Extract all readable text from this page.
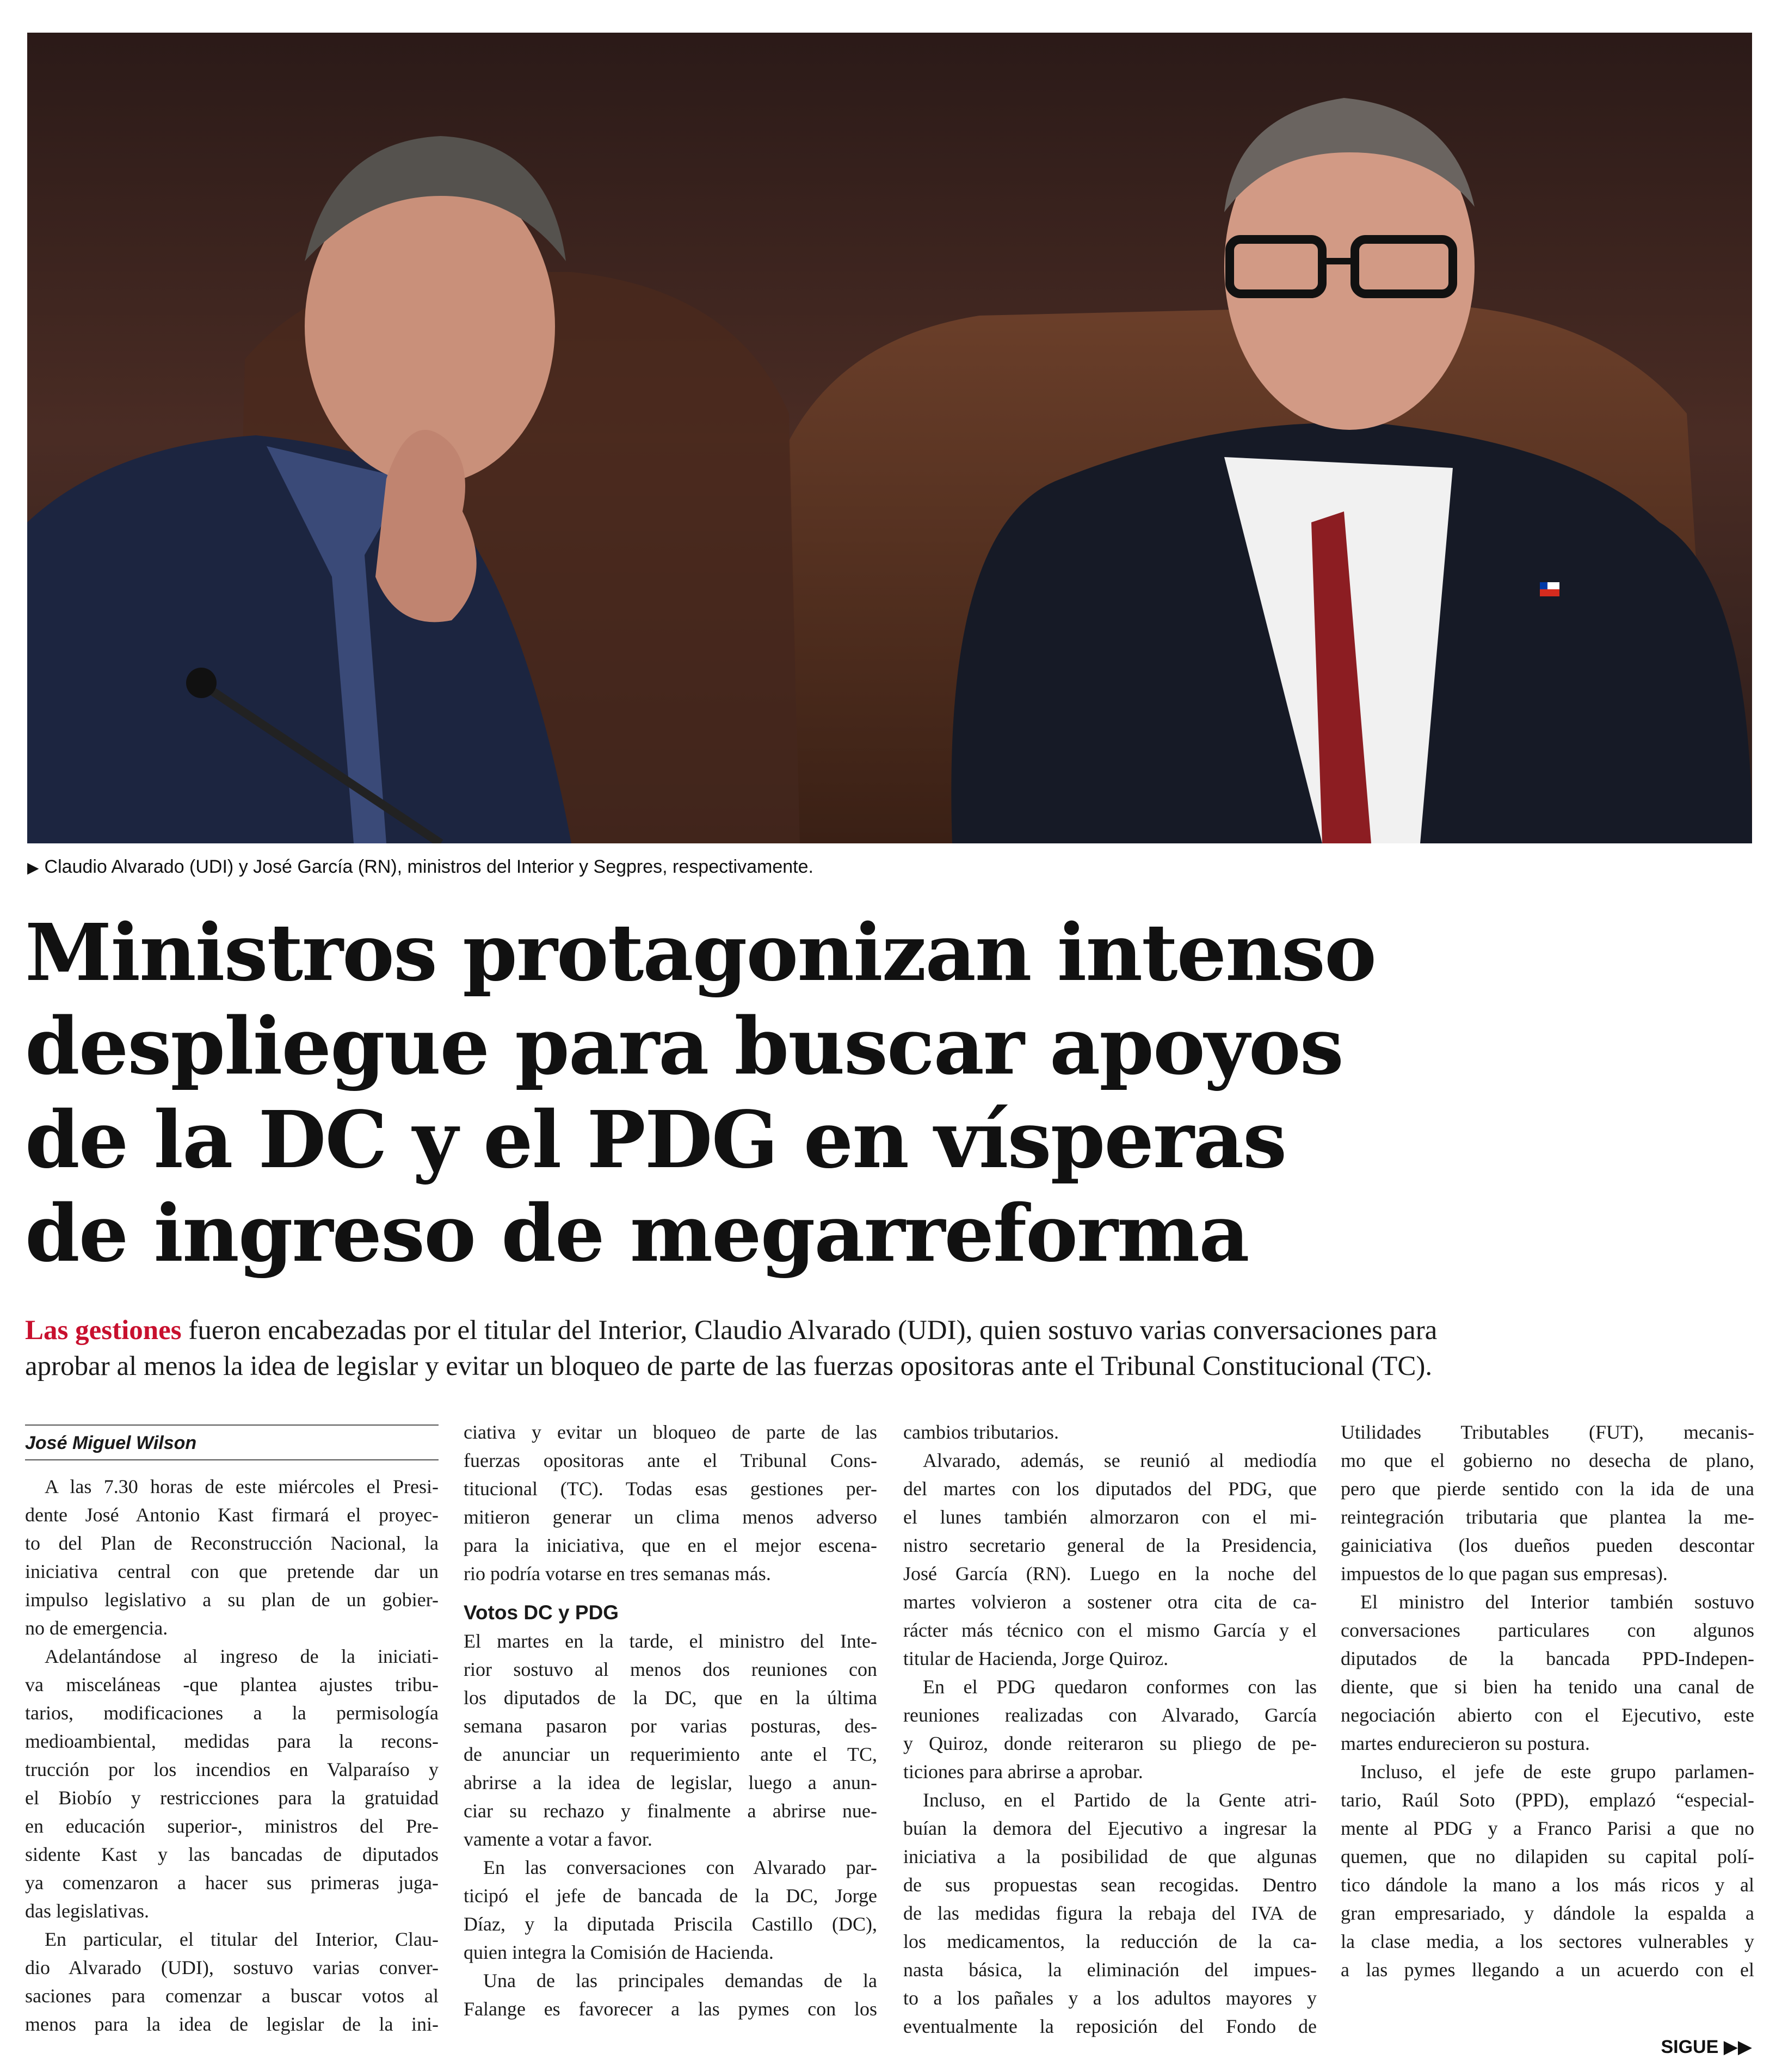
▶ Claudio Alvarado (UDI) y José García (RN), ministros del Interior y Segpres, respectivamente.
Ministros protagonizan intenso
despliegue para buscar apoyos
de la DC y el PDG en vísperas
de ingreso de megarreforma
Las gestiones fueron encabezadas por el titular del Interior, Claudio Alvarado (UDI), quien sostuvo varias conversaciones para
aprobar al menos la idea de legislar y evitar un bloqueo de parte de las fuerzas opositoras ante el Tribunal Constitucional (TC).
José Miguel Wilson
A las 7.30 horas de este miércoles el Presi-
dente José Antonio Kast firmará el proyec-
to del Plan de Reconstrucción Nacional, la
iniciativa central con que pretende dar un
impulso legislativo a su plan de un gobier-
no de emergencia.
Adelantándose al ingreso de la iniciati-
va misceláneas -que plantea ajustes tribu-
tarios, modificaciones a la permisología
medioambiental, medidas para la recons-
trucción por los incendios en Valparaíso y
el Biobío y restricciones para la gratuidad
en educación superior-, ministros del Pre-
sidente Kast y las bancadas de diputados
ya comenzaron a hacer sus primeras juga-
das legislativas.
En particular, el titular del Interior, Clau-
dio Alvarado (UDI), sostuvo varias conver-
saciones para comenzar a buscar votos al
menos para la idea de legislar de la ini-
ciativa y evitar un bloqueo de parte de las
fuerzas opositoras ante el Tribunal Cons-
titucional (TC). Todas esas gestiones per-
mitieron generar un clima menos adverso
para la iniciativa, que en el mejor escena-
rio podría votarse en tres semanas más.
Votos DC y PDG
El martes en la tarde, el ministro del Inte-
rior sostuvo al menos dos reuniones con
los diputados de la DC, que en la última
semana pasaron por varias posturas, des-
de anunciar un requerimiento ante el TC,
abrirse a la idea de legislar, luego a anun-
ciar su rechazo y finalmente a abrirse nue-
vamente a votar a favor.
En las conversaciones con Alvarado par-
ticipó el jefe de bancada de la DC, Jorge
Díaz, y la diputada Priscila Castillo (DC),
quien integra la Comisión de Hacienda.
Una de las principales demandas de la
Falange es favorecer a las pymes con los
cambios tributarios.
Alvarado, además, se reunió al mediodía
del martes con los diputados del PDG, que
el lunes también almorzaron con el mi-
nistro secretario general de la Presidencia,
José García (RN). Luego en la noche del
martes volvieron a sostener otra cita de ca-
rácter más técnico con el mismo García y el
titular de Hacienda, Jorge Quiroz.
En el PDG quedaron conformes con las
reuniones realizadas con Alvarado, García
y Quiroz, donde reiteraron su pliego de pe-
ticiones para abrirse a aprobar.
Incluso, en el Partido de la Gente atri-
buían la demora del Ejecutivo a ingresar la
iniciativa a la posibilidad de que algunas
de sus propuestas sean recogidas. Dentro
de las medidas figura la rebaja del IVA de
los medicamentos, la reducción de la ca-
nasta básica, la eliminación del impues-
to a los pañales y a los adultos mayores y
eventualmente la reposición del Fondo de
Utilidades Tributables (FUT), mecanis-
mo que el gobierno no desecha de plano,
pero que pierde sentido con la ida de una
reintegración tributaria que plantea la me-
gainiciativa (los dueños pueden descontar
impuestos de lo que pagan sus empresas).
El ministro del Interior también sostuvo
conversaciones particulares con algunos
diputados de la bancada PPD-Indepen-
diente, que si bien ha tenido una canal de
negociación abierto con el Ejecutivo, este
martes endurecieron su postura.
Incluso, el jefe de este grupo parlamen-
tario, Raúl Soto (PPD), emplazó “especial-
mente al PDG y a Franco Parisi a que no
quemen, que no dilapiden su capital polí-
tico dándole la mano a los más ricos y al
gran empresariado, y dándole la espalda a
la clase media, a los sectores vulnerables y
a las pymes llegando a un acuerdo con el
SIGUE ▶▶
